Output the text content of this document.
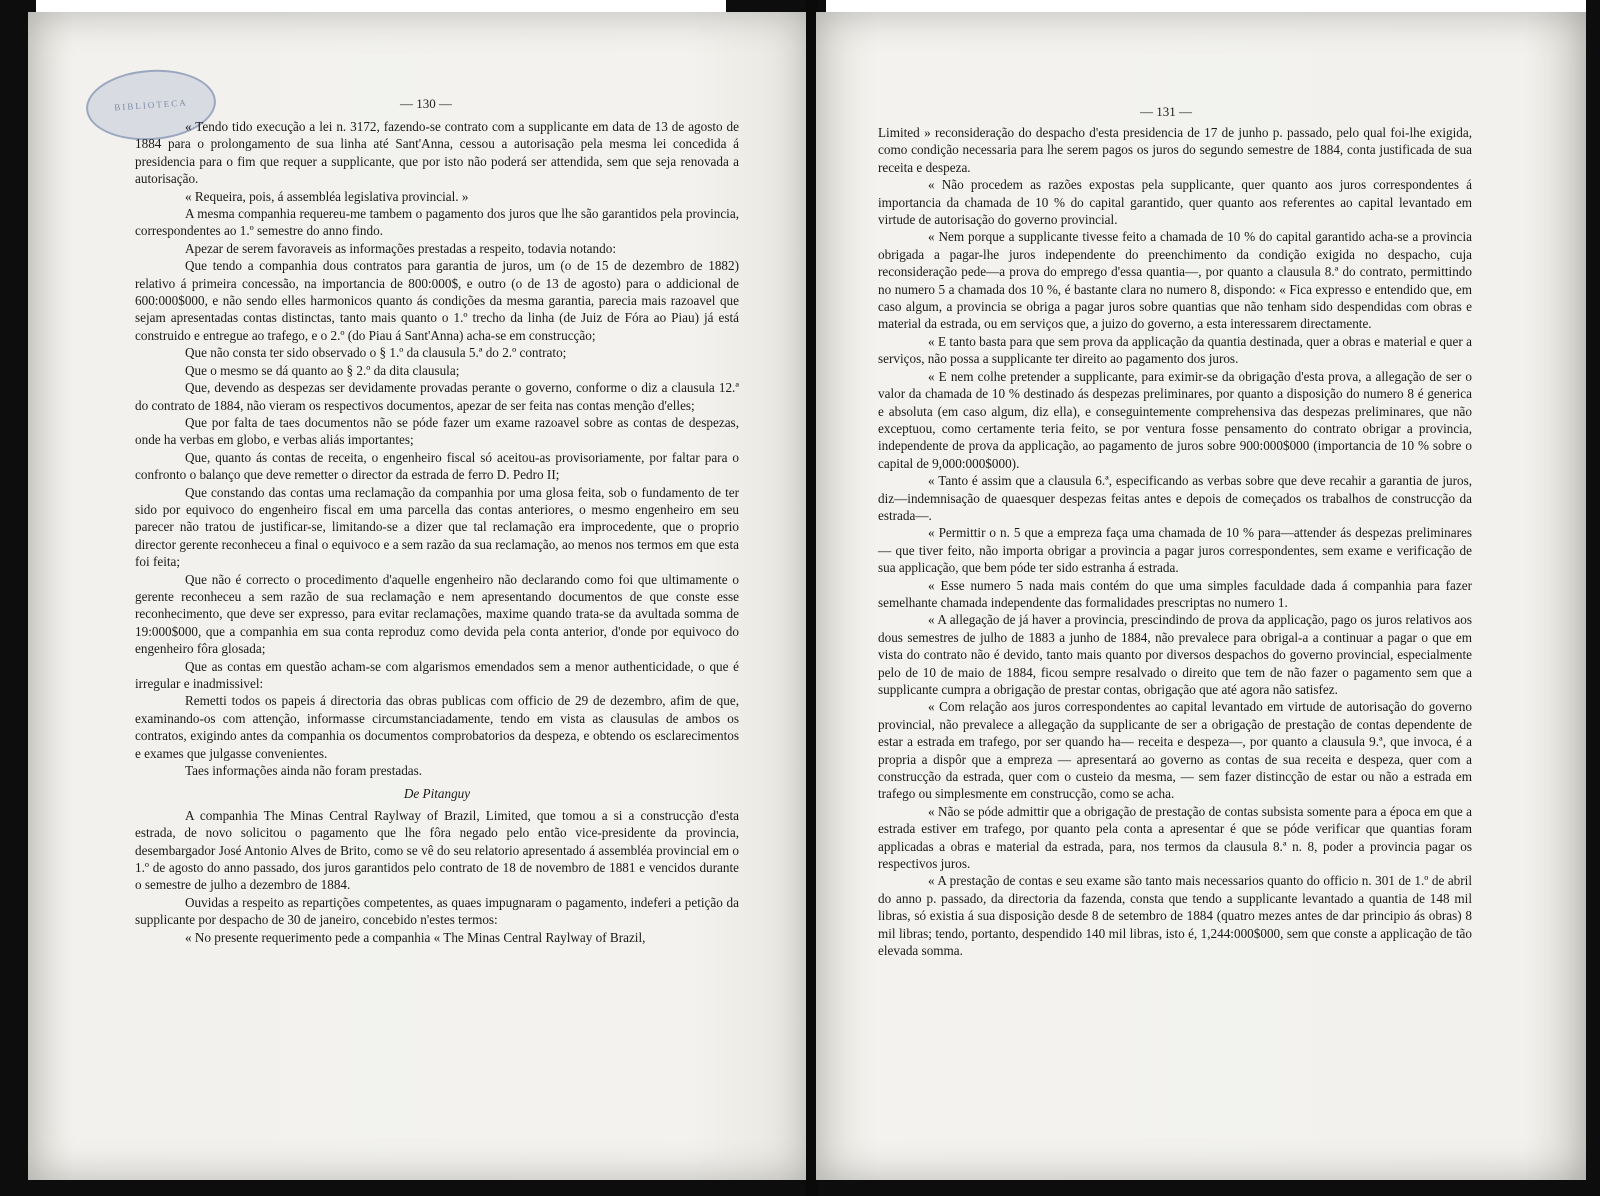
BIBLIOTECA	— 130 —

« Tendo tido execução a lei n. 3172, fazendo-se contrato com a supplicante em data de 13 de agosto de 1884 para o prolongamento de sua linha até Sant'Anna, cessou a autorisação pela mesma lei concedida á presidencia para o fim que requer a supplicante, que por isto não poderá ser attendida, sem que seja renovada a autorisação.

« Requeira, pois, á assembléa legislativa provincial. »

A mesma companhia requereu-me tambem o pagamento dos juros que lhe são garantidos pela provincia, correspondentes ao 1.º semestre do anno findo.

Apezar de serem favoraveis as informações prestadas a respeito, todavia notando:

Que tendo a companhia dous contratos para garantia de juros, um (o de 15 de dezembro de 1882) relativo á primeira concessão, na importancia de 800:000$, e outro (o de 13 de agosto) para o addicional de 600:000$000, e não sendo elles harmonicos quanto ás condições da mesma garantia, parecia mais razoavel que sejam apresentadas contas distinctas, tanto mais quanto o 1.º trecho da linha (de Juiz de Fóra ao Piau) já está construido e entregue ao trafego, e o 2.º (do Piau á Sant'Anna) acha-se em construcção;

Que não consta ter sido observado o § 1.º da clausula 5.ª do 2.º contrato;

Que o mesmo se dá quanto ao § 2.º da dita clausula;

Que, devendo as despezas ser devidamente provadas perante o governo, conforme o diz a clausula 12.ª do contrato de 1884, não vieram os respectivos documentos, apezar de ser feita nas contas menção d'elles;

Que por falta de taes documentos não se póde fazer um exame razoavel sobre as contas de despezas, onde ha verbas em globo, e verbas aliás importantes;

Que, quanto ás contas de receita, o engenheiro fiscal só aceitou-as provisoriamente, por faltar para o confronto o balanço que deve remetter o director da estrada de ferro D. Pedro II;

Que constando das contas uma reclamação da companhia por uma glosa feita, sob o fundamento de ter sido por equivoco do engenheiro fiscal em uma parcella das contas anteriores, o mesmo engenheiro em seu parecer não tratou de justificar-se, limitando-se a dizer que tal reclamação era improcedente, que o proprio director gerente reconheceu a final o equivoco e a sem razão da sua reclamação, ao menos nos termos em que esta foi feita;

Que não é correcto o procedimento d'aquelle engenheiro não declarando como foi que ultimamente o gerente reconheceu a sem razão de sua reclamação e nem apresentando documentos de que conste esse reconhecimento, que deve ser expresso, para evitar reclamações, maxime quando trata-se da avultada somma de 19:000$000, que a companhia em sua conta reproduz como devida pela conta anterior, d'onde por equivoco do engenheiro fôra glosada;

Que as contas em questão acham-se com algarismos emendados sem a menor authenticidade, o que é irregular e inadmissivel:

Remetti todos os papeis á directoria das obras publicas com officio de 29 de dezembro, afim de que, examinando-os com attenção, informasse circumstanciadamente, tendo em vista as clausulas de ambos os contratos, exigindo antes da companhia os documentos comprobatorios da despeza, e obtendo os esclarecimentos e exames que julgasse convenientes.

Taes informações ainda não foram prestadas.

De Pitanguy

A companhia The Minas Central Raylway of Brazil, Limited, que tomou a si a construcção d'esta estrada, de novo solicitou o pagamento que lhe fôra negado pelo então vice-presidente da provincia, desembargador José Antonio Alves de Brito, como se vê do seu relatorio apresentado á assembléa provincial em o 1.º de agosto do anno passado, dos juros garantidos pelo contrato de 18 de novembro de 1881 e vencidos durante o semestre de julho a dezembro de 1884.

Ouvidas a respeito as repartições competentes, as quaes impugnaram o pagamento, indeferi a petição da supplicante por despacho de 30 de janeiro, concebido n'estes termos:

« No presente requerimento pede a companhia « The Minas Central Raylway of Brazil,

— 131 —

Limited » reconsideração do despacho d'esta presidencia de 17 de junho p. passado, pelo qual foi-lhe exigida, como condição necessaria para lhe serem pagos os juros do segundo semestre de 1884, conta justificada de sua receita e despeza.

« Não procedem as razões expostas pela supplicante, quer quanto aos juros correspondentes á importancia da chamada de 10 % do capital garantido, quer quanto aos referentes ao capital levantado em virtude de autorisação do governo provincial.

« Nem porque a supplicante tivesse feito a chamada de 10 % do capital garantido acha-se a provincia obrigada a pagar-lhe juros independente do preenchimento da condição exigida no despacho, cuja reconsideração pede—a prova do emprego d'essa quantia—, por quanto a clausula 8.ª do contrato, permittindo no numero 5 a chamada dos 10 %, é bastante clara no numero 8, dispondo: « Fica expresso e entendido que, em caso algum, a provincia se obriga a pagar juros sobre quantias que não tenham sido despendidas com obras e material da estrada, ou em serviços que, a juizo do governo, a esta interessarem directamente.

« E tanto basta para que sem prova da applicação da quantia destinada, quer a obras e material e quer a serviços, não possa a supplicante ter direito ao pagamento dos juros.

« E nem colhe pretender a supplicante, para eximir-se da obrigação d'esta prova, a allegação de ser o valor da chamada de 10 % destinado ás despezas preliminares, por quanto a disposição do numero 8 é generica e absoluta (em caso algum, diz ella), e conseguintemente comprehensiva das despezas preliminares, que não exceptuou, como certamente teria feito, se por ventura fosse pensamento do contrato obrigar a provincia, independente de prova da applicação, ao pagamento de juros sobre 900:000$000 (importancia de 10 % sobre o capital de 9,000:000$000).

« Tanto é assim que a clausula 6.ª, especificando as verbas sobre que deve recahir a garantia de juros, diz—indemnisação de quaesquer despezas feitas antes e depois de começados os trabalhos de construcção da estrada—.

« Permittir o n. 5 que a empreza faça uma chamada de 10 % para—attender ás despezas preliminares — que tiver feito, não importa obrigar a provincia a pagar juros correspondentes, sem exame e verificação de sua applicação, que bem póde ter sido estranha á estrada.

« Esse numero 5 nada mais contém do que uma simples faculdade dada á companhia para fazer semelhante chamada independente das formalidades prescriptas no numero 1.

« A allegação de já haver a provincia, prescindindo de prova da applicação, pago os juros relativos aos dous semestres de julho de 1883 a junho de 1884, não prevalece para obrigal-a a continuar a pagar o que em vista do contrato não é devido, tanto mais quanto por diversos despachos do governo provincial, especialmente pelo de 10 de maio de 1884, ficou sempre resalvado o direito que tem de não fazer o pagamento sem que a supplicante cumpra a obrigação de prestar contas, obrigação que até agora não satisfez.

« Com relação aos juros correspondentes ao capital levantado em virtude de autorisação do governo provincial, não prevalece a allegação da supplicante de ser a obrigação de prestação de contas dependente de estar a estrada em trafego, por ser quando ha— receita e despeza—, por quanto a clausula 9.ª, que invoca, é a propria a dispôr que a empreza — apresentará ao governo as contas de sua receita e despeza, quer com a construcção da estrada, quer com o custeio da mesma, — sem fazer distincção de estar ou não a estrada em trafego ou simplesmente em construcção, como se acha.

« Não se póde admittir que a obrigação de prestação de contas subsista somente para a época em que a estrada estiver em trafego, por quanto pela conta a apresentar é que se póde verificar que quantias foram applicadas a obras e material da estrada, para, nos termos da clausula 8.ª n. 8, poder a provincia pagar os respectivos juros.

« A prestação de contas e seu exame são tanto mais necessarios quanto do officio n. 301 de 1.º de abril do anno p. passado, da directoria da fazenda, consta que tendo a supplicante levantado a quantia de 148 mil libras, só existia á sua disposição desde 8 de setembro de 1884 (quatro mezes antes de dar principio ás obras) 8 mil libras; tendo, portanto, despendido 140 mil libras, isto é, 1,244:000$000, sem que conste a applicação de tão elevada somma.
